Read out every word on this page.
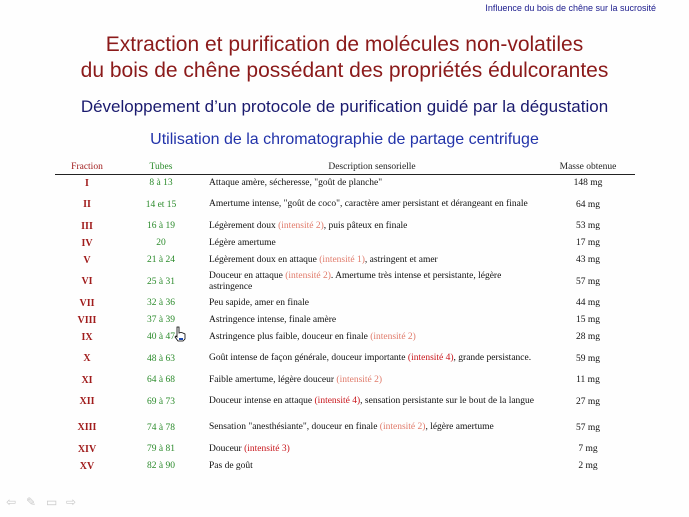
Influence du bois de chêne sur la sucrosité
Extraction et purification de molécules non-volatiles
du bois de chêne possédant des propriétés édulcorantes
Développement d’un protocole de purification guidé par la dégustation
Utilisation de la chromatographie de partage centrifuge
Fraction	Tubes	Description sensorielle	Masse obtenue
I	8 à 13	Attaque amère, sécheresse, "goût de planche"	148 mg
II	14 et 15	Amertume intense, "goût de coco", caractère amer persistant et dérangeant en finale	64 mg
III	16 à 19	Légèrement doux (intensité 2), puis pâteux en finale	53 mg
IV	20	Légère amertume	17 mg
V	21 à 24	Légèrement doux en attaque (intensité 1), astringent et amer	43 mg
VI	25 à 31	Douceur en attaque (intensité 2). Amertume très intense et persistante, légère astringence	57 mg
VII	32 à 36	Peu sapide, amer en finale	44 mg
VIII	37 à 39	Astringence intense, finale amère	15 mg
IX	40 à 47	Astringence plus faible, douceur en finale (intensité 2)	28 mg
X	48 à 63	Goût intense de façon générale, douceur importante (intensité 4), grande persistance.	59 mg
XI	64 à 68	Faible amertume, légère douceur (intensité 2)	11 mg
XII	69 à 73	Douceur intense en attaque (intensité 4), sensation persistante sur le bout de la langue	27 mg
XIII	74 à 78	Sensation "anesthésiante", douceur en finale (intensité 2), légère amertume	57 mg
XIV	79 à 81	Douceur (intensité 3)	7 mg
XV	82 à 90	Pas de goût	2 mg
⇦ ✎ ▭ ⇨
